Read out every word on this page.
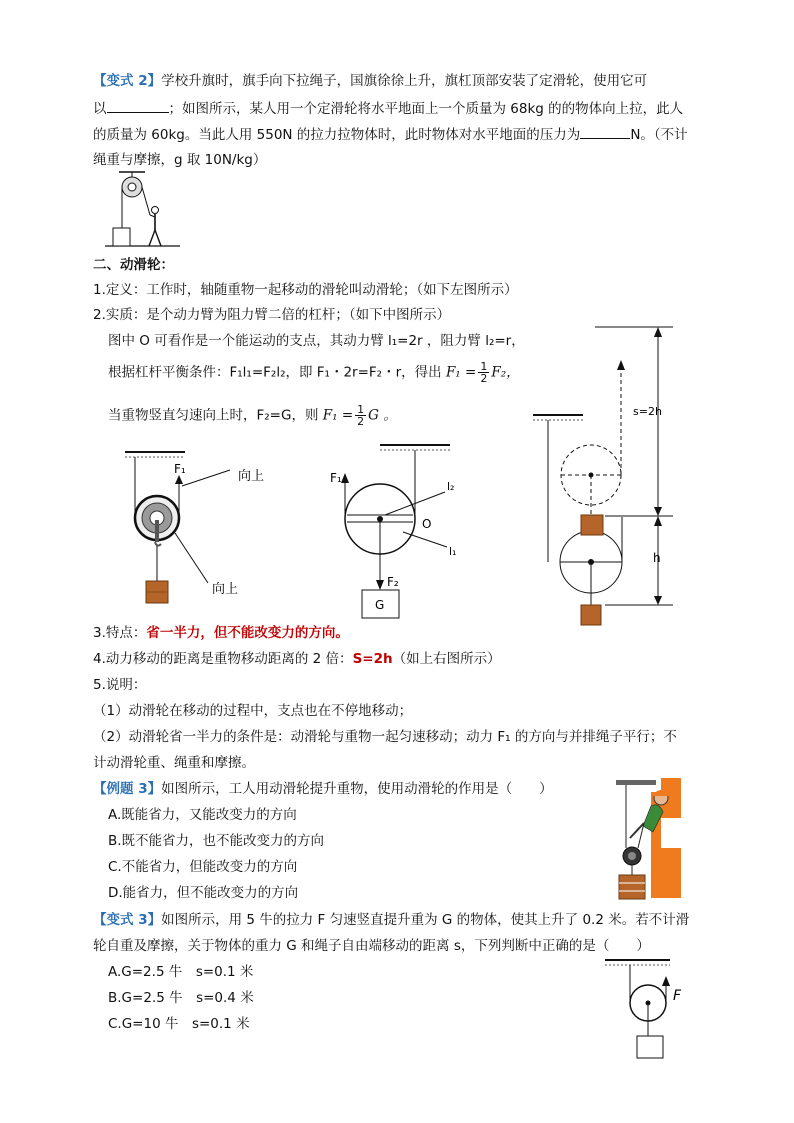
【变式 2】学校升旗时，旗手向下拉绳子，国旗徐徐上升，旗杠顶部安装了定滑轮，使用它可
以	；如图所示，某人用一个定滑轮将水平地面上一个质量为 68kg 的的物体向上拉，此人
的质量为 60kg。当此人用 550N 的拉力拉物体时，此时物体对水平地面的压力为	N。（不计
绳重与摩擦，g 取 10N/kg）
二、动滑轮：
1.定义：工作时，轴随重物一起移动的滑轮叫动滑轮；（如下左图所示）
2.实质：是个动力臂为阻力臂二倍的杠杆；（如下中图所示）
图中 O 可看作是一个能运动的支点，其动力臂 l₁=2r ，阻力臂 l₂=r，
根据杠杆平衡条件：F₁l₁=F₂l₂，即 F₁・2r=F₂・r，得出 $F_1 = \frac{1}{2} F_2$，
当重物竖直匀速向上时，F₂=G，则 $F_1 = \frac{1}{2}$ G 。
F₁	向上
向上
F₁
l₂
O
l₁
F₂
G
s=2h
h
3.特点：省一半力，但不能改变力的方向。
4.动力移动的距离是重物移动距离的 2 倍：S=2h（如上右图所示）
5.说明：
（1）动滑轮在移动的过程中，支点也在不停地移动；
（2）动滑轮省一半力的条件是：动滑轮与重物一起匀速移动；动力 F₁ 的方向与并排绳子平行；不
计动滑轮重、绳重和摩擦。
【例题 3】如图所示，工人用动滑轮提升重物，使用动滑轮的作用是（　　）
A.既能省力，又能改变力的方向
B.既不能省力，也不能改变力的方向
C.不能省力，但能改变力的方向
D.能省力，但不能改变力的方向
【变式 3】如图所示，用 5 牛的拉力 F 匀速竖直提升重为 G 的物体，使其上升了 0.2 米。若不计滑
轮自重及摩擦，关于物体的重力 G 和绳子自由端移动的距离 s，下列判断中正确的是（　　）
A.G=2.5 牛　s=0.1 米
B.G=2.5 牛　s=0.4 米
C.G=10 牛　s=0.1 米
F
